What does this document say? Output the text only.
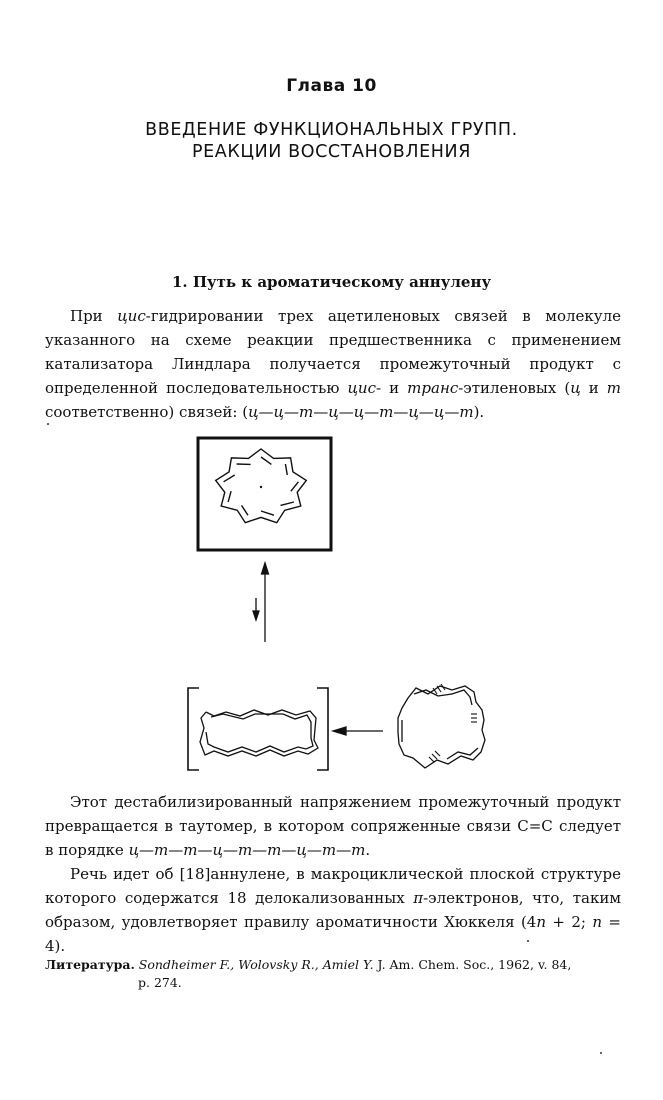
Глава 10
ВВЕДЕНИЕ ФУНКЦИОНАЛЬНЫХ ГРУПП.
РЕАКЦИИ ВОССТАНОВЛЕНИЯ
1. Путь к ароматическому аннулену
При цис-гидрировании трех ацетиленовых связей в молекуле указанного на схеме реакции предшественника с применением катализатора Линдлара получается промежуточный продукт с определенной последовательностью цис- и транс-этиленовых (ц и т соответственно) связей: (ц—ц—т—ц—ц—т—ц—ц—т).
Этот дестабилизированный напряжением промежуточный продукт превращается в таутомер, в котором сопряженные связи С=С следует в порядке ц—т—т—ц—т—т—ц—т—т.
Речь идет об [18]аннулене, в макроциклической плоской структуре которого содержатся 18 делокализованных π-электронов, что, таким образом, удовлетворяет правилу ароматичности Хюккеля (4n + 2; n = 4).
Литература. Sondheimer F., Wolovsky R., Amiel Y. J. Am. Chem. Soc., 1962, v. 84,
p. 274.
